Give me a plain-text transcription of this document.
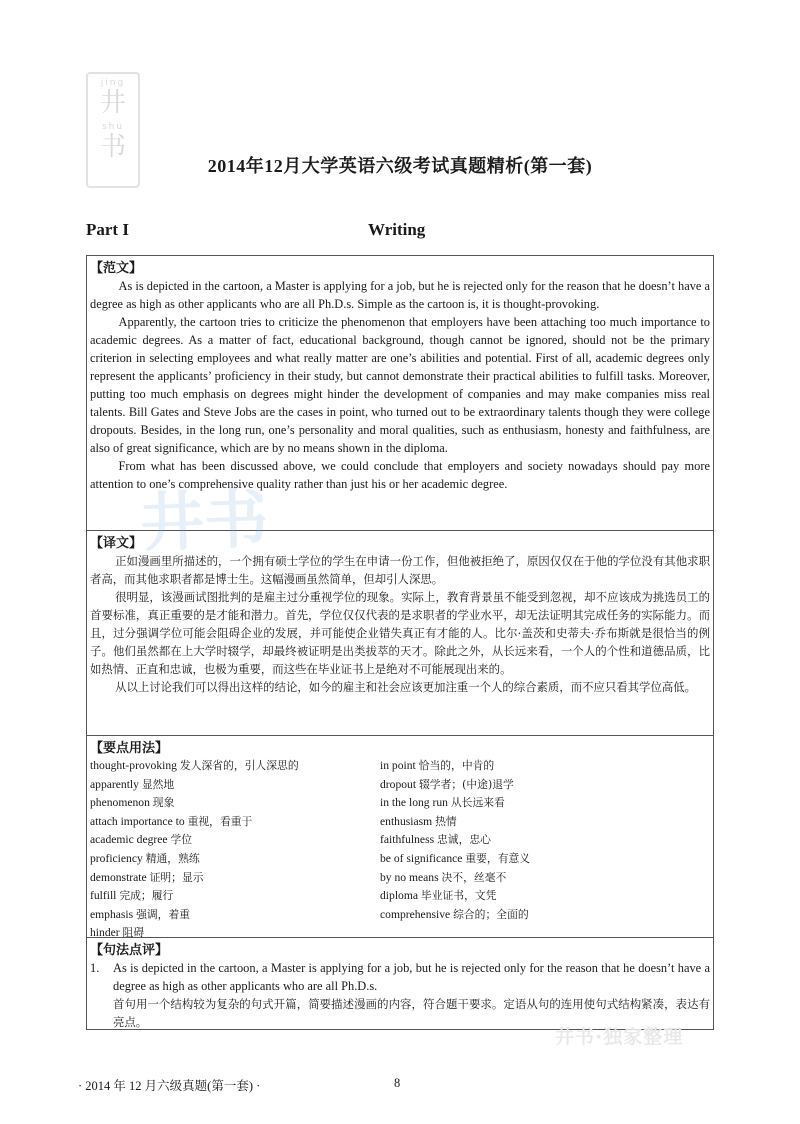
jing
井
shu
书
2014年12月大学英语六级考试真题精析(第一套)
Part I	Writing
【范文】

As is depicted in the cartoon, a Master is applying for a job, but he is rejected only for the reason that he doesn’t have a degree as high as other applicants who are all Ph.D.s. Simple as the cartoon is, it is thought-provoking.

Apparently, the cartoon tries to criticize the phenomenon that employers have been attaching too much importance to academic degrees. As a matter of fact, educational background, though cannot be ignored, should not be the primary criterion in selecting employees and what really matter are one’s abilities and potential. First of all, academic degrees only represent the applicants’ proficiency in their study, but cannot demonstrate their practical abilities to fulfill tasks. Moreover, putting too much emphasis on degrees might hinder the development of companies and may make companies miss real talents. Bill Gates and Steve Jobs are the cases in point, who turned out to be extraordinary talents though they were college dropouts. Besides, in the long run, one’s personality and moral qualities, such as enthusiasm, honesty and faithfulness, are also of great significance, which are by no means shown in the diploma.

From what has been discussed above, we could conclude that employers and society nowadays should pay more attention to one’s comprehensive quality rather than just his or her academic degree.

【译文】

正如漫画里所描述的，一个拥有硕士学位的学生在申请一份工作，但他被拒绝了，原因仅仅在于他的学位没有其他求职者高，而其他求职者都是博士生。这幅漫画虽然简单，但却引人深思。

很明显，该漫画试图批判的是雇主过分重视学位的现象。实际上，教育背景虽不能受到忽视，却不应该成为挑选员工的首要标准，真正重要的是才能和潜力。首先，学位仅仅代表的是求职者的学业水平，却无法证明其完成任务的实际能力。而且，过分强调学位可能会阻碍企业的发展，并可能使企业错失真正有才能的人。比尔·盖茨和史蒂夫·乔布斯就是很恰当的例子。他们虽然都在上大学时辍学，却最终被证明是出类拔萃的天才。除此之外，从长远来看，一个人的个性和道德品质，比如热情、正直和忠诚，也极为重要，而这些在毕业证书上是绝对不可能展现出来的。

从以上讨论我们可以得出这样的结论，如今的雇主和社会应该更加注重一个人的综合素质，而不应只看其学位高低。

【要点用法】
thought-provoking 发人深省的，引人深思的
apparently 显然地
phenomenon 现象
attach importance to 重视，看重于
academic degree 学位
proficiency 精通，熟练
demonstrate 证明；显示
fulfill 完成；履行
emphasis 强调，着重
hinder 阻碍
in point 恰当的，中肯的
dropout 辍学者；(中途)退学
in the long run 从长远来看
enthusiasm 热情
faithfulness 忠诚，忠心
be of significance 重要，有意义
by no means 决不，丝毫不
diploma 毕业证书，文凭
comprehensive 综合的；全面的
【句法点评】
1. As is depicted in the cartoon, a Master is applying for a job, but he is rejected only for the reason that he doesn’t have a degree as high as other applicants who are all Ph.D.s.
首句用一个结构较为复杂的句式开篇，简要描述漫画的内容，符合题干要求。定语从句的连用使句式结构紧凑，表达有亮点。
井书
井书·独家整理
· 2014 年 12 月六级真题(第一套) ·	8
